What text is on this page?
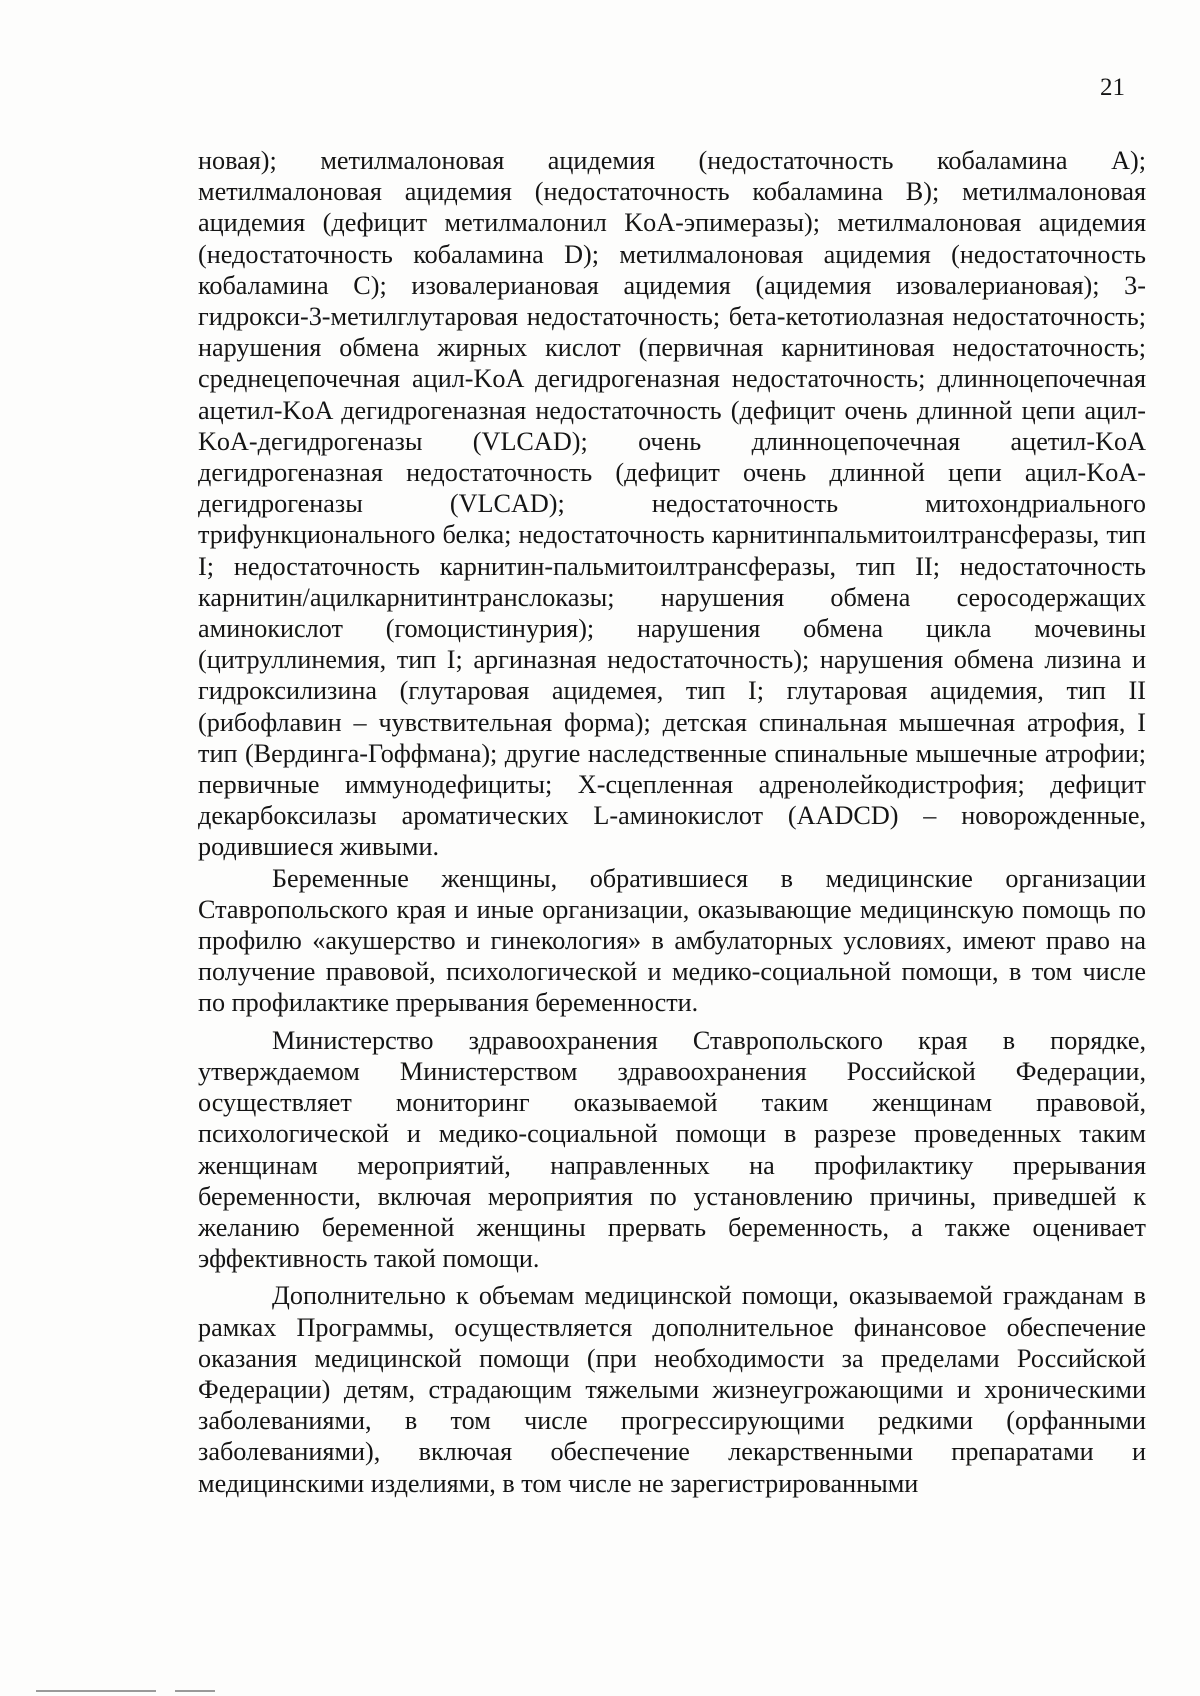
21

новая); метилмалоновая ацидемия (недостаточность кобаламина A); метилмалоновая ацидемия (недостаточность кобаламина B); метилмалоновая ацидемия (дефицит метилмалонил KoA-эпимеразы); метилмалоновая ацидемия (недостаточность кобаламина D); метилмалоновая ацидемия (недостаточность кобаламина C); изовалериановая ацидемия (ацидемия изовалериановая); 3-гидрокси-3-метилглутаровая недостаточность; бета-кетотиолазная недостаточность; нарушения обмена жирных кислот (первичная карнитиновая недостаточность; среднецепочечная ацил-KoA дегидрогеназная недостаточность; длинноцепочечная ацетил-KoA дегидрогеназная недостаточность (дефицит очень длинной цепи ацил-KoA-дегидрогеназы (VLCAD); очень длинноцепочечная ацетил-KoA дегидрогеназная недостаточность (дефицит очень длинной цепи ацил-KoA-дегидрогеназы (VLCAD); недостаточность митохондриального трифункционального белка; недостаточность карнитинпальмитоилтрансферазы, тип I; недостаточность карнитин-пальмитоилтрансферазы, тип II; недостаточность карнитин/ацилкарнитинтранслоказы; нарушения обмена серосодержащих аминокислот (гомоцистинурия); нарушения обмена цикла мочевины (цитруллинемия, тип I; аргиназная недостаточность); нарушения обмена лизина и гидроксилизина (глутаровая ацидемея, тип I; глутаровая ацидемия, тип II (рибофлавин – чувствительная форма); детская спинальная мышечная атрофия, I тип (Вердинга-Гоффмана); другие наследственные спинальные мышечные атрофии; первичные иммунодефициты; X-сцепленная адренолейкодистрофия; дефицит декарбоксилазы ароматических L-аминокислот (AADCD) – новорожденные, родившиеся живыми.

Беременные женщины, обратившиеся в медицинские организации Ставропольского края и иные организации, оказывающие медицинскую помощь по профилю «акушерство и гинекология» в амбулаторных условиях, имеют право на получение правовой, психологической и медико-социальной помощи, в том числе по профилактике прерывания беременности.

Министерство здравоохранения Ставропольского края в порядке, утверждаемом Министерством здравоохранения Российской Федерации, осуществляет мониторинг оказываемой таким женщинам правовой, психологической и медико-социальной помощи в разрезе проведенных таким женщинам мероприятий, направленных на профилактику прерывания беременности, включая мероприятия по установлению причины, приведшей к желанию беременной женщины прервать беременность, а также оценивает эффективность такой помощи.

Дополнительно к объемам медицинской помощи, оказываемой гражданам в рамках Программы, осуществляется дополнительное финансовое обеспечение оказания медицинской помощи (при необходимости за пределами Российской Федерации) детям, страдающим тяжелыми жизнеугрожающими и хроническими заболеваниями, в том числе прогрессирующими редкими (орфанными заболеваниями), включая обеспечение лекарственными препаратами и медицинскими изделиями, в том числе не зарегистрированными
